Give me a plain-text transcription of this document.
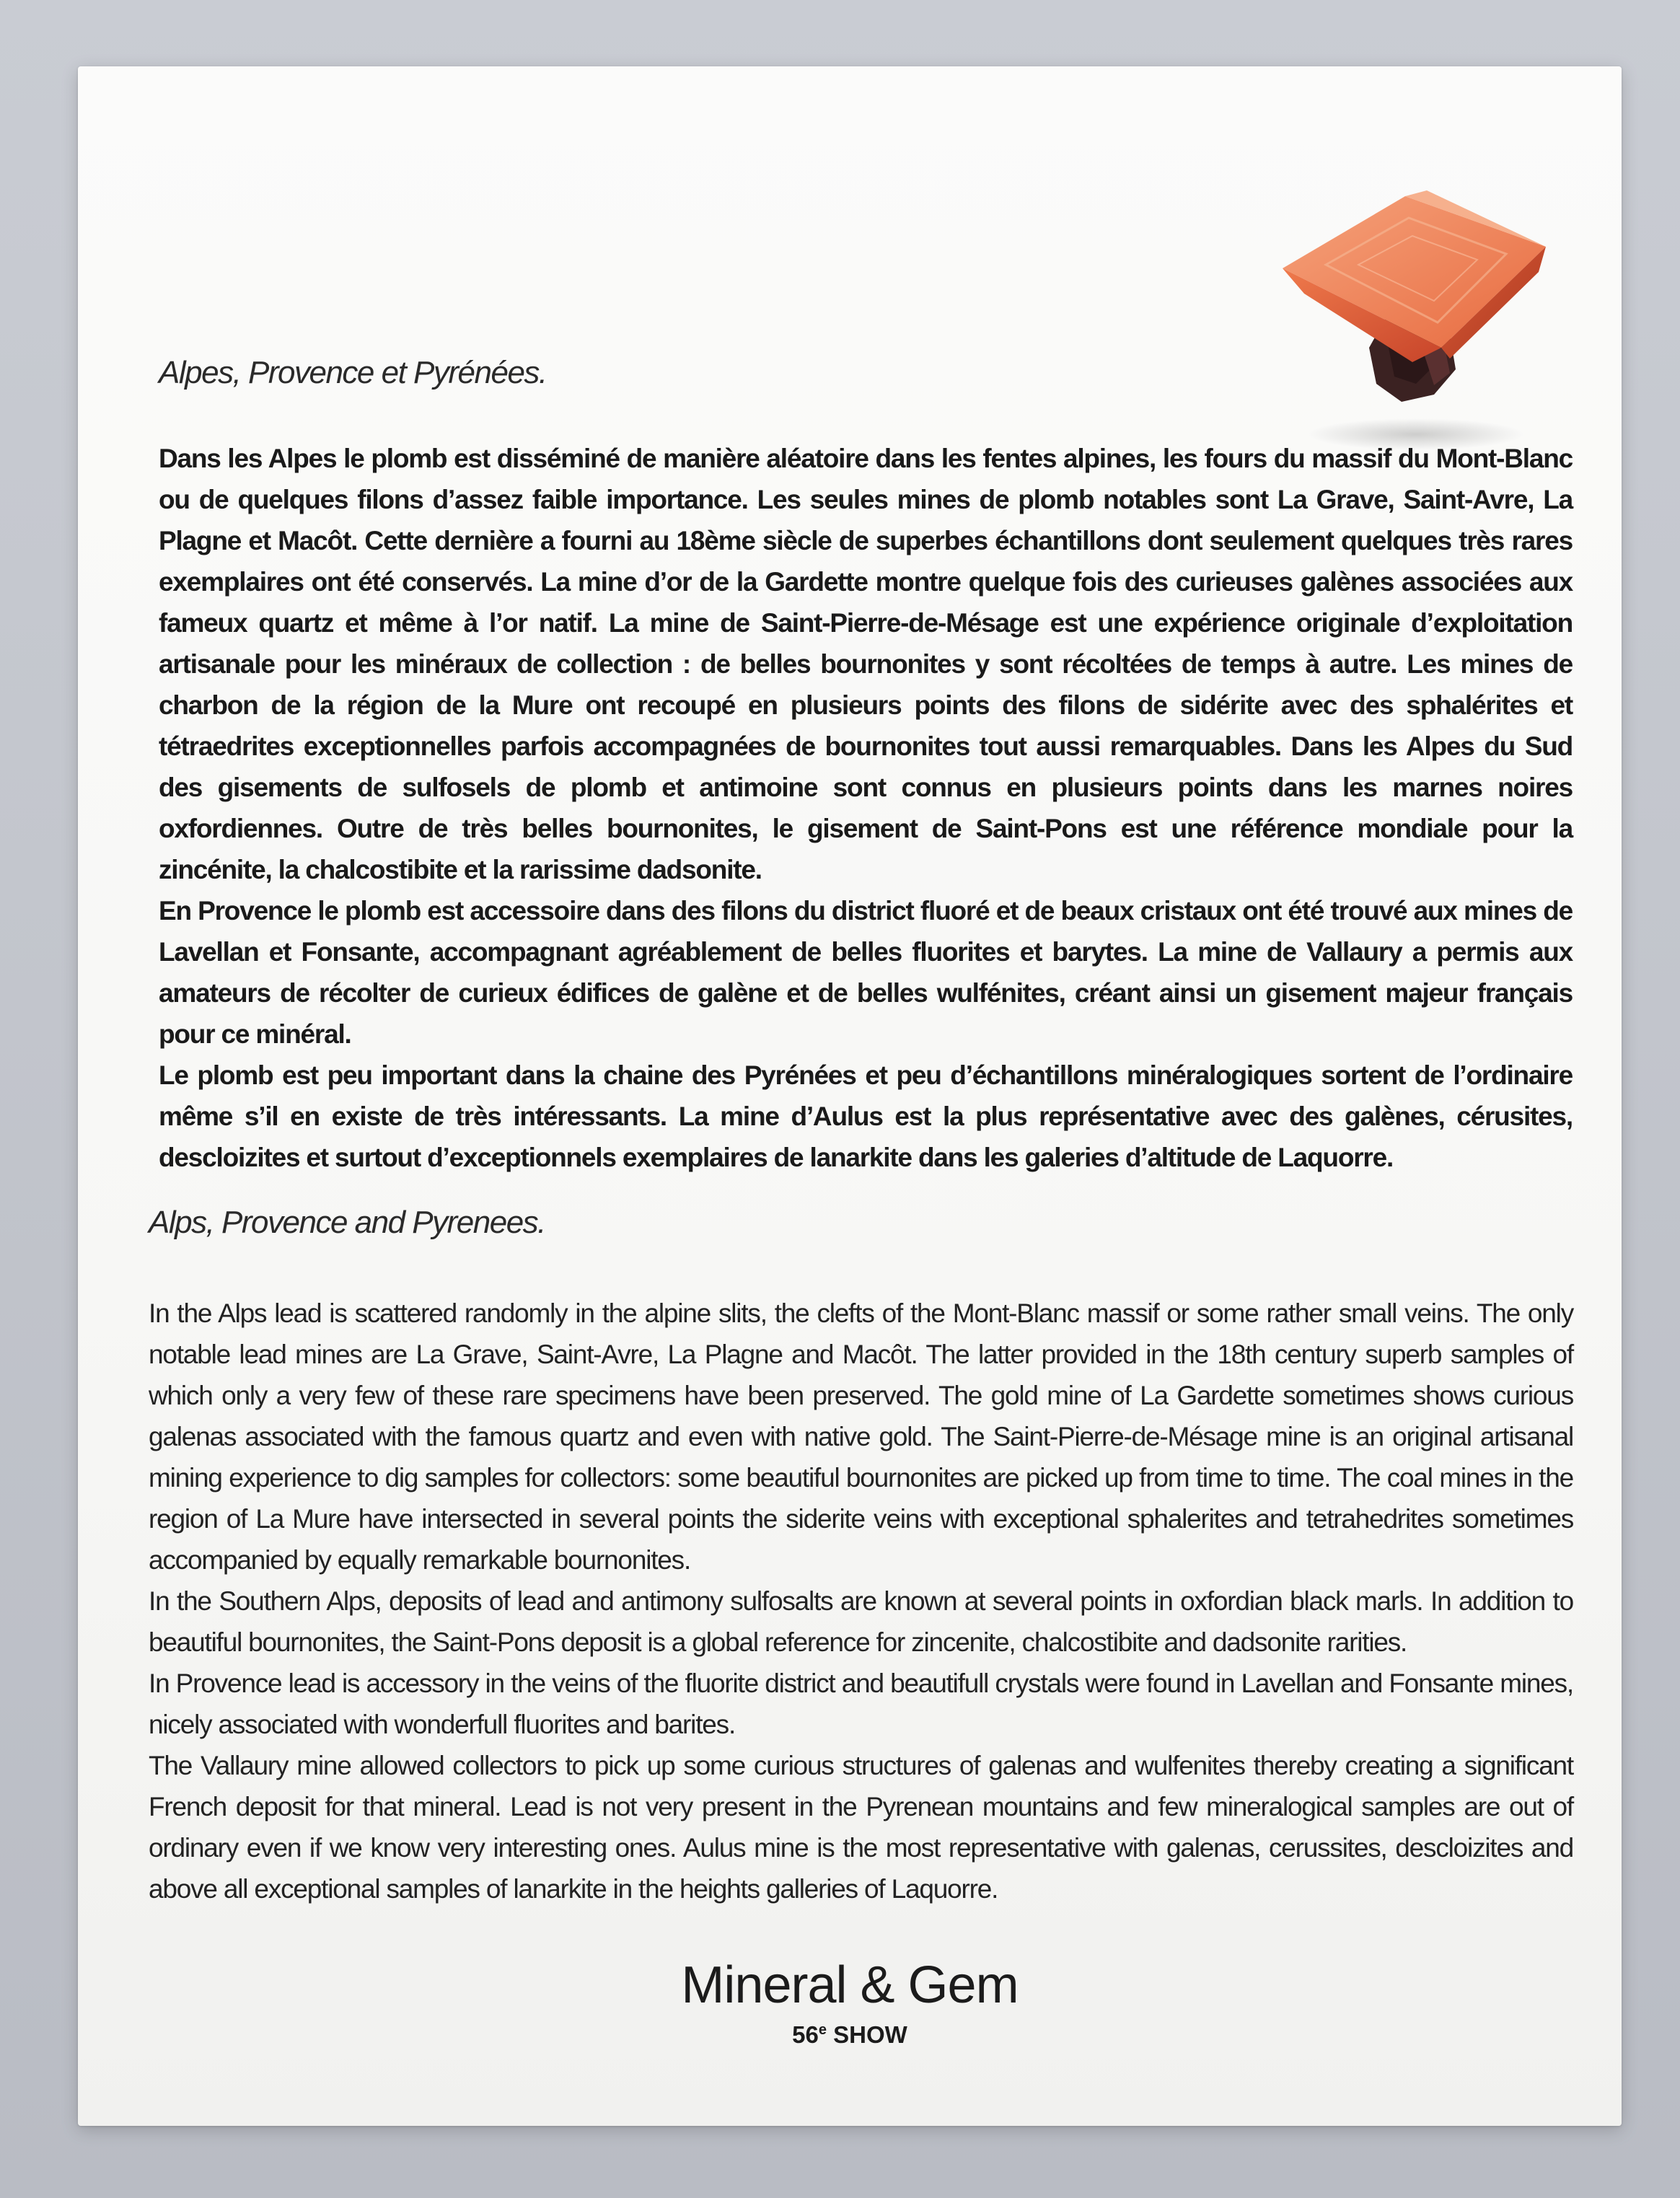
Alpes, Provence et Pyrénées.

Dans les Alpes le plomb est disséminé de manière aléatoire dans les fentes alpines, les fours du massif du Mont-Blanc ou de quelques filons d’assez faible importance. Les seules mines de plomb notables sont La Grave, Saint-Avre, La Plagne et Macôt. Cette dernière a fourni au 18ème siècle de superbes échantillons dont seulement quelques très rares exemplaires ont été conservés. La mine d’or de la Gardette montre quelque fois des curieuses galènes associées aux fameux quartz et même à l’or natif. La mine de Saint-Pierre-de-Mésage est une expérience originale d’exploitation artisanale pour les minéraux de collection : de belles bournonites y sont récoltées de temps à autre. Les mines de charbon de la région de la Mure ont recoupé en plusieurs points des filons de sidérite avec des sphalérites et tétraedrites exceptionnelles parfois accompagnées de bournonites tout aussi remarquables. Dans les Alpes du Sud des gisements de sulfosels de plomb et antimoine sont connus en plusieurs points dans les marnes noires oxfordiennes. Outre de très belles bournonites, le gisement de Saint-Pons est une référence mondiale pour la zincénite, la chalcostibite et la rarissime dadsonite.

En Provence le plomb est accessoire dans des filons du district fluoré et de beaux cristaux ont été trouvé aux mines de Lavellan et Fonsante, accompagnant agréablement de belles fluorites et barytes. La mine de Vallaury a permis aux amateurs de récolter de curieux édifices de galène et de belles wulfénites, créant ainsi un gisement majeur français pour ce minéral.

Le plomb est peu important dans la chaine des Pyrénées et peu d’échantillons minéralogiques sortent de l’ordinaire même s’il en existe de très intéressants. La mine d’Aulus est la plus représentative avec des galènes, cérusites, descloizites et surtout d’exceptionnels exemplaires de lanarkite dans les galeries d’altitude de Laquorre.

Alps, Provence and Pyrenees.

In the Alps lead is scattered randomly in the alpine slits, the clefts of the Mont-Blanc massif or some rather small veins. The only notable lead mines are La Grave, Saint-Avre, La Plagne and Macôt. The latter provided in the 18th century superb samples of which only a very few of these rare specimens have been preserved. The gold mine of La Gardette sometimes shows curious galenas associated with the famous quartz and even with native gold. The Saint-Pierre-de-Mésage mine is an original artisanal mining experience to dig samples for collectors: some beautiful bournonites are picked up from time to time. The coal mines in the region of La Mure have intersected in several points the siderite veins with exceptional sphalerites and tetrahedrites sometimes accompanied by equally remarkable bournonites.

In the Southern Alps, deposits of lead and antimony sulfosalts are known at several points in oxfordian black marls. In addition to beautiful bournonites, the Saint-Pons deposit is a global reference for zincenite, chalcostibite and dadsonite rarities.

In Provence lead is accessory in the veins of the fluorite district and beautifull crystals were found in Lavellan and Fonsante mines, nicely associated with wonderfull fluorites and barites.

The Vallaury mine allowed collectors to pick up some curious structures of galenas and wulfenites thereby creating a significant French deposit for that mineral. Lead is not very present in the Pyrenean mountains and few mineralogical samples are out of ordinary even if we know very interesting ones. Aulus mine is the most representative with galenas, cerussites, descloizites and above all exceptional samples of lanarkite in the heights galleries of Laquorre.

Mineral & Gem
56e SHOW
